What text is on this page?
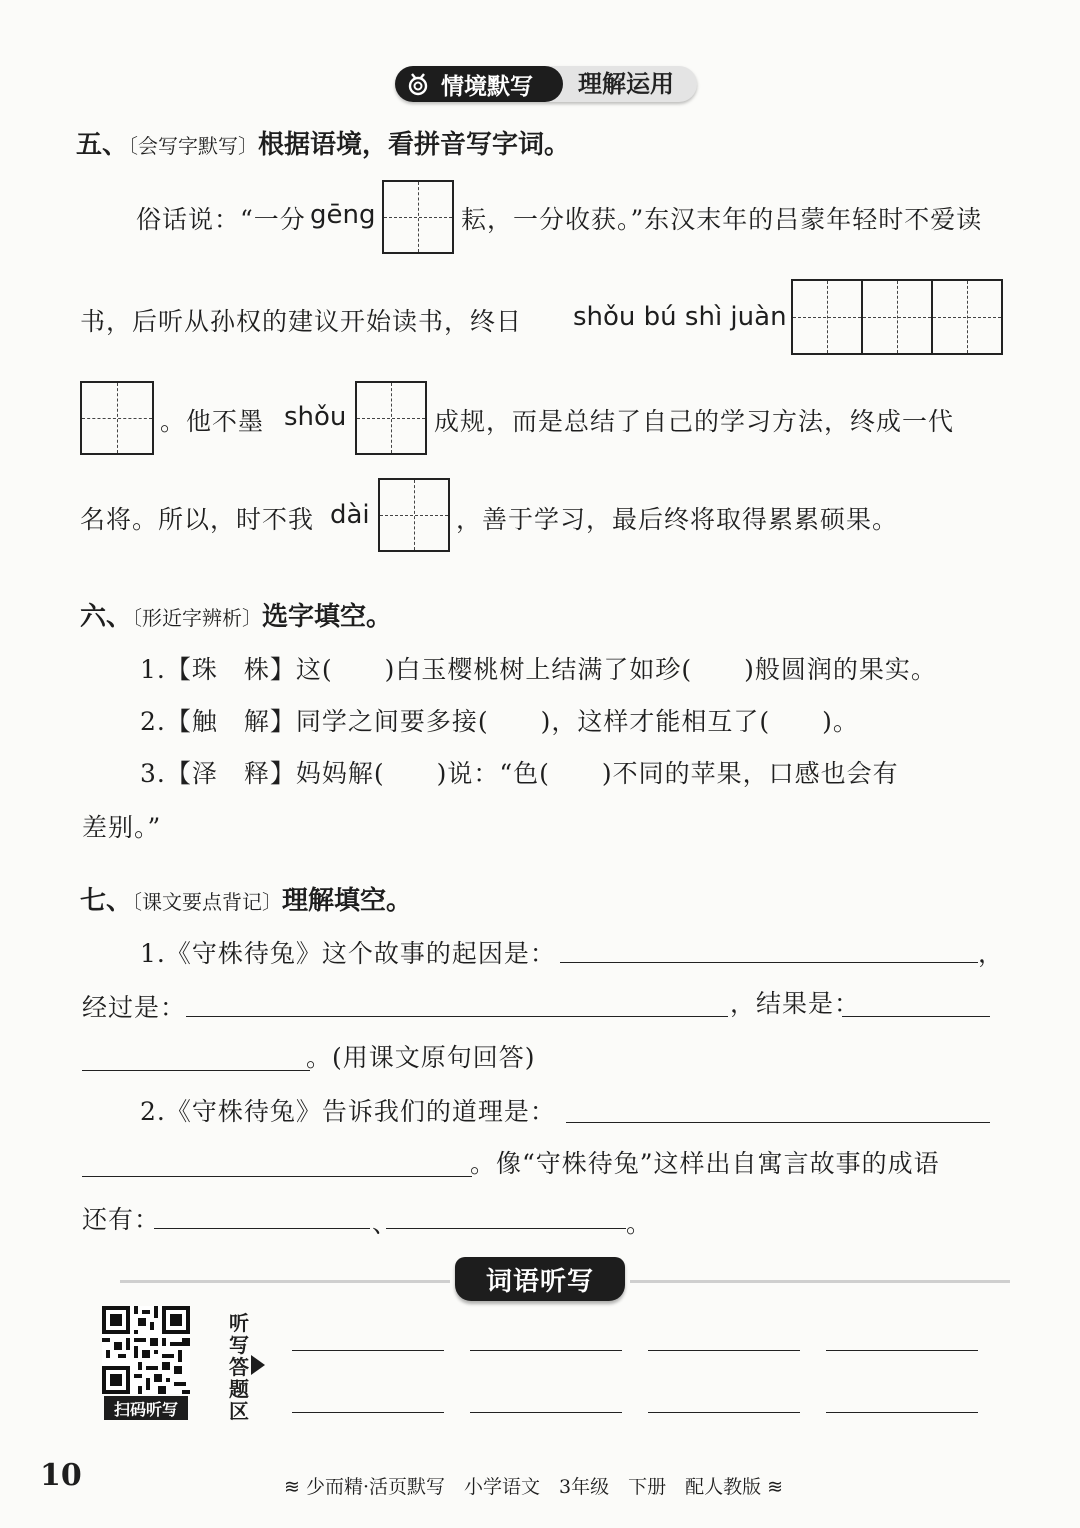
情境默写	理解运用
五、〔会写字默写〕根据语境，看拼音写字词。
俗话说：“一分 gēng	耘，一分收获。”东汉末年的吕蒙年轻时不爱读
书，后听从孙权的建议开始读书，终日 shǒu bú shì juàn
。他不墨 shǒu	成规，而是总结了自己的学习方法，终成一代
名将。所以，时不我 dài	，善于学习，最后终将取得累累硕果。
六、〔形近字辨析〕选字填空。
1.【珠　株】这(　　)白玉樱桃树上结满了如珍(　　)般圆润的果实。
2.【触　解】同学之间要多接(　　)，这样才能相互了(　　)。
3.【泽　释】妈妈解(　　)说：“色(　　)不同的苹果，口感也会有
差别。”
七、〔课文要点背记〕理解填空。
1.《守株待兔》这个故事的起因是：	，
经过是：	，结果是：
。(用课文原句回答)
2.《守株待兔》告诉我们的道理是：
。像“守株待兔”这样出自寓言故事的成语
还有：	、	。
词语听写
扫码听写
听写答题区
10	≋ 少而精·活页默写　小学语文　3年级　下册　配人教版 ≋
